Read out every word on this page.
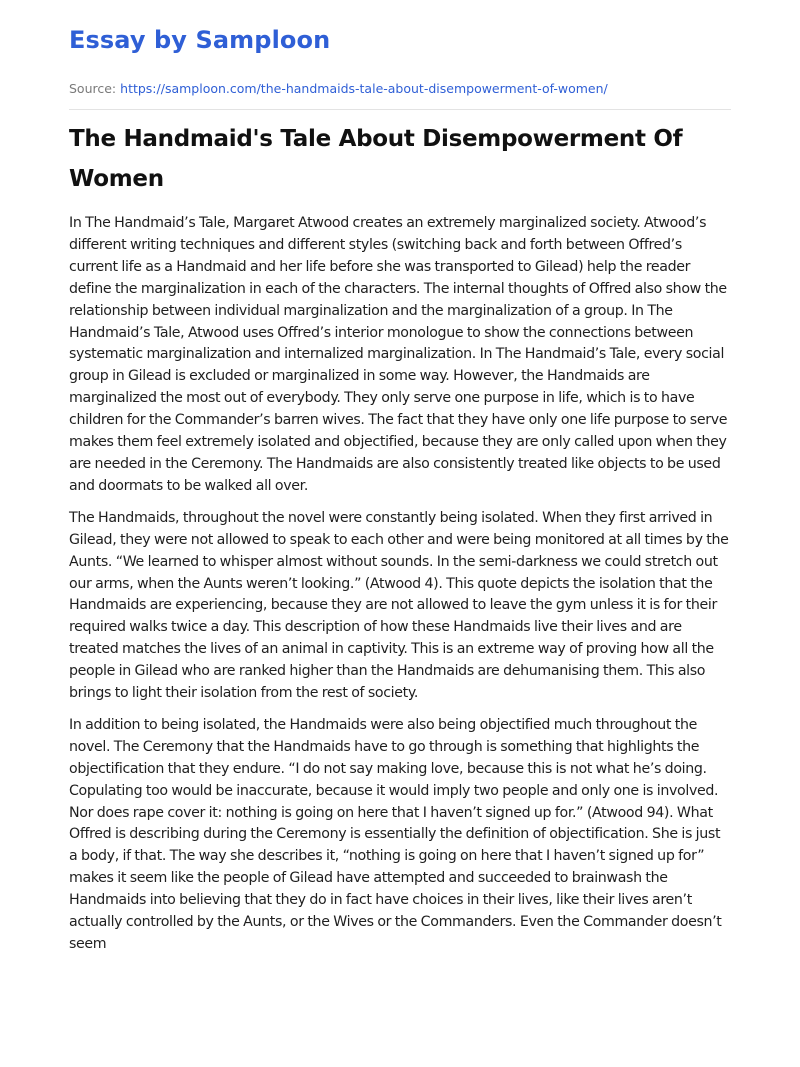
Essay by Samploon
Source: https://samploon.com/the-handmaids-tale-about-disempowerment-of-women/
The Handmaid's Tale About Disempowerment Of Women

In The Handmaid’s Tale, Margaret Atwood creates an extremely marginalized society. Atwood’s different writing techniques and different styles (switching back and forth between Offred’s current life as a Handmaid and her life before she was transported to Gilead) help the reader define the marginalization in each of the characters. The internal thoughts of Offred also show the relationship between individual marginalization and the marginalization of a group. In The Handmaid’s Tale, Atwood uses Offred’s interior monologue to show the connections between systematic marginalization and internalized marginalization. In The Handmaid’s Tale, every social group in Gilead is excluded or marginalized in some way. However, the Handmaids are marginalized the most out of everybody. They only serve one purpose in life, which is to have children for the Commander’s barren wives. The fact that they have only one life purpose to serve makes them feel extremely isolated and objectified, because they are only called upon when they are needed in the Ceremony. The Handmaids are also consistently treated like objects to be used and doormats to be walked all over.

The Handmaids, throughout the novel were constantly being isolated. When they first arrived in Gilead, they were not allowed to speak to each other and were being monitored at all times by the Aunts. “We learned to whisper almost without sounds. In the semi-darkness we could stretch out our arms, when the Aunts weren’t looking.” (Atwood 4). This quote depicts the isolation that the Handmaids are experiencing, because they are not allowed to leave the gym unless it is for their required walks twice a day. This description of how these Handmaids live their lives and are treated matches the lives of an animal in captivity. This is an extreme way of proving how all the people in Gilead who are ranked higher than the Handmaids are dehumanising them. This also brings to light their isolation from the rest of society.

In addition to being isolated, the Handmaids were also being objectified much throughout the novel. The Ceremony that the Handmaids have to go through is something that highlights the objectification that they endure. “I do not say making love, because this is not what he’s doing. Copulating too would be inaccurate, because it would imply two people and only one is involved. Nor does rape cover it: nothing is going on here that I haven’t signed up for.” (Atwood 94). What Offred is describing during the Ceremony is essentially the definition of objectification. She is just a body, if that. The way she describes it, “nothing is going on here that I haven’t signed up for” makes it seem like the people of Gilead have attempted and succeeded to brainwash the Handmaids into believing that they do in fact have choices in their lives, like their lives aren’t actually controlled by the Aunts, or the Wives or the Commanders. Even the Commander doesn’t seem
